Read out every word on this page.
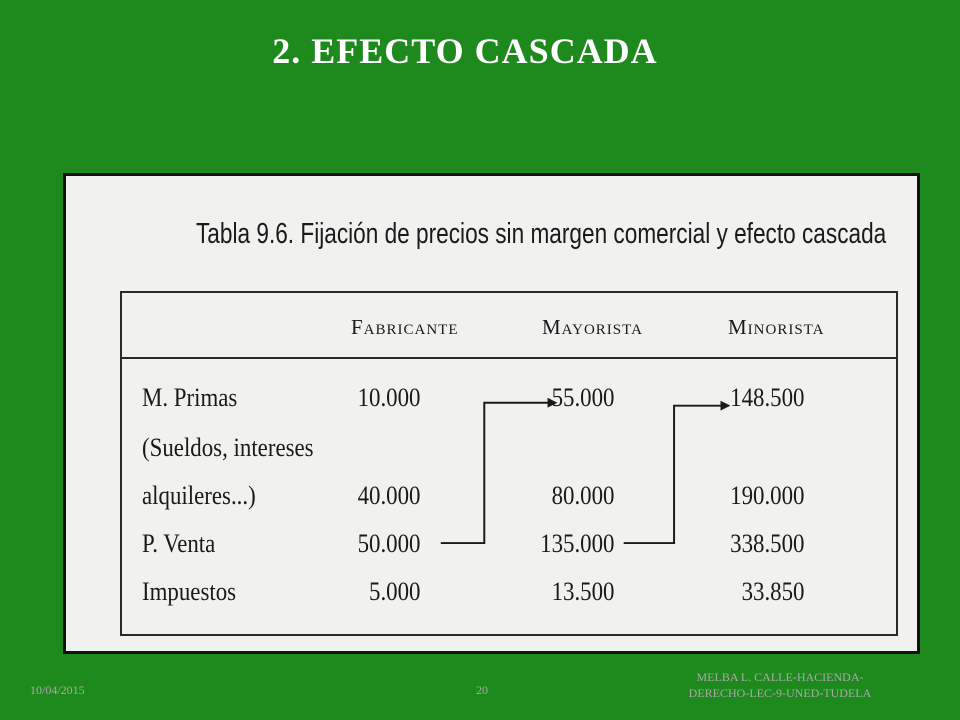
2. EFECTO CASCADA
Tabla 9.6. Fijación de precios sin margen comercial y efecto cascada
Fabricante	Mayorista	Minorista
M. Primas	10.000	55.000	148.500
(Sueldos, intereses
alquileres...)	40.000	80.000	190.000
P. Venta	50.000	135.000	338.500
Impuestos	5.000	13.500	33.850
10/04/2015	20
MELBA L. CALLE-HACIENDA-
DERECHO-LEC-9-UNED-TUDELA
